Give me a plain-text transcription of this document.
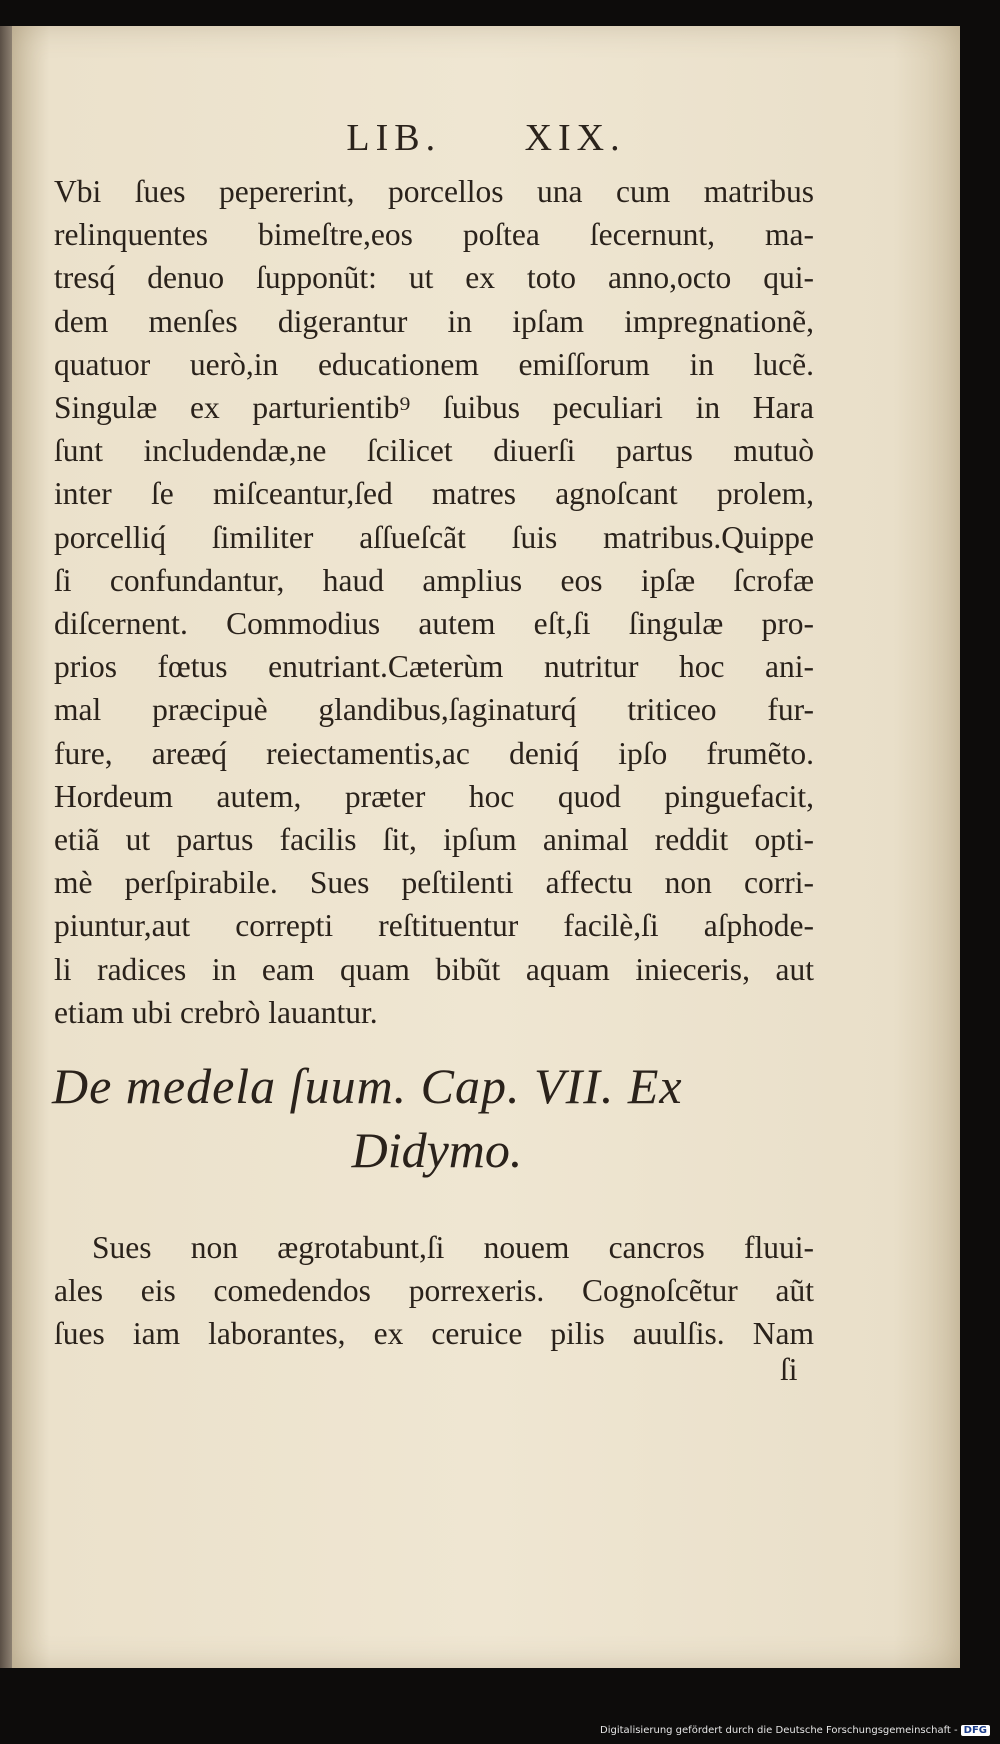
LIB. XIX.
Vbi ſues pepererint, porcellos una cum matribus
relinquentes bimeſtre,eos poſtea ſecernunt, ma-
tresq́ denuo ſupponũt: ut ex toto anno,octo qui-
dem menſes digerantur in ipſam impregnationẽ,
quatuor uerò,in educationem emiſſorum in lucẽ.
Singulæ ex parturientib⁹ ſuibus peculiari in Hara
ſunt includendæ,ne ſcilicet diuerſi partus mutuò
inter ſe miſceantur,ſed matres agnoſcant prolem,
porcelliq́ ſimiliter aſſueſcãt ſuis matribus.Quippe
ſi confundantur, haud amplius eos ipſæ ſcrofæ
diſcernent. Commodius autem eſt,ſi ſingulæ pro-
prios fœtus enutriant.Cæterùm nutritur hoc ani-
mal præcipuè glandibus,ſaginaturq́ triticeo fur-
fure, areæq́ reiectamentis,ac deniq́ ipſo frumẽto.
Hordeum autem, præter hoc quod pinguefacit,
etiã ut partus facilis ſit, ipſum animal reddit opti-
mè perſpirabile. Sues peſtilenti affectu non corri-
piuntur,aut correpti reſtituentur facilè,ſi aſphode-
li radices in eam quam bibũt aquam inieceris, aut
etiam ubi crebrò lauantur.
De medela ſuum. Cap. VII. Ex
Didymo.
Sues non ægrotabunt,ſi nouem cancros fluui-
ales eis comedendos porrexeris. Cognoſcẽtur aũt
ſues iam laborantes, ex ceruice pilis auulſis. Nam
ſi
Digitalisierung gefördert durch die Deutsche Forschungsgemeinschaft - DFG
